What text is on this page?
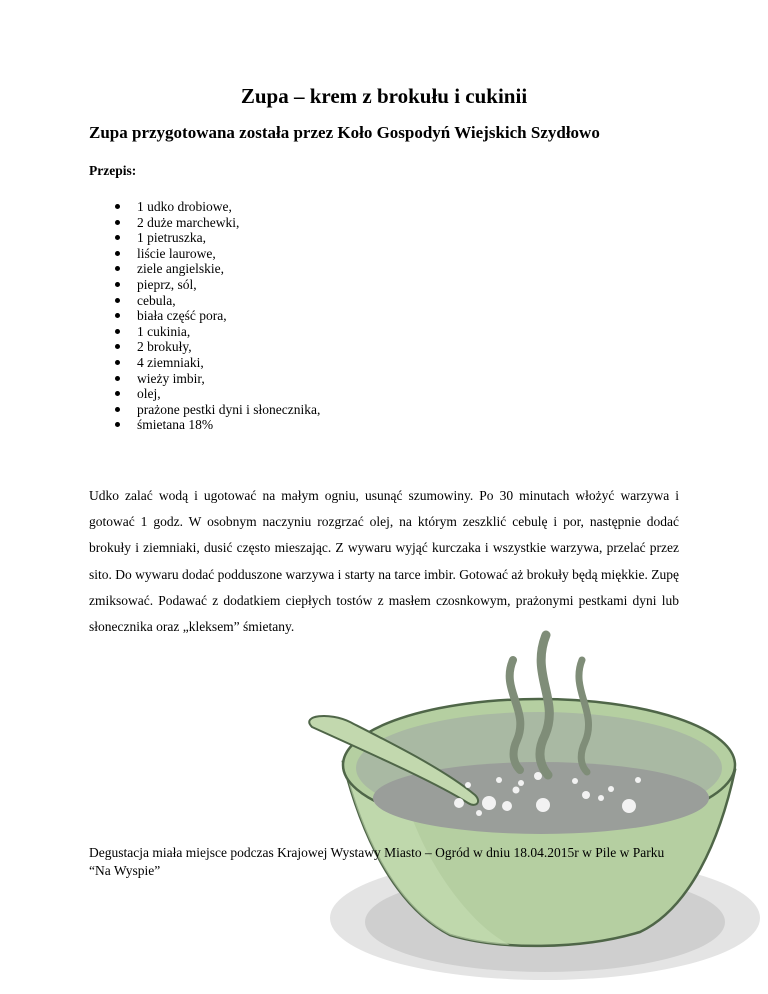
Zupa – krem z brokułu i cukinii
Zupa przygotowana została przez Koło Gospodyń Wiejskich Szydłowo

Przepis:

1 udko drobiowe,
2 duże marchewki,
1 pietruszka,
liście laurowe,
ziele angielskie,
pieprz, sól,
cebula,
biała część pora,
1 cukinia,
2 brokuły,
4 ziemniaki,
wieży imbir,
olej,
prażone pestki dyni i słonecznika,
śmietana 18%

Udko zalać wodą i ugotować na małym ogniu, usunąć szumowiny. Po 30 minutach włożyć warzywa i gotować 1 godz. W osobnym naczyniu rozgrzać olej, na którym zeszklić cebulę i por, następnie dodać brokuły i ziemniaki, dusić często mieszając. Z wywaru wyjąć kurczaka i wszystkie warzywa, przelać przez sito. Do wywaru dodać podduszone warzywa i starty na tarce imbir. Gotować aż brokuły będą miękkie. Zupę zmiksować. Podawać z dodatkiem ciepłych tostów z masłem czosnkowym, prażonymi pestkami dyni lub słonecznika oraz „kleksem” śmietany.

Degustacja miała miejsce podczas Krajowej Wystawy Miasto – Ogród w dniu 18.04.2015r w Pile w Parku “Na Wyspie”
